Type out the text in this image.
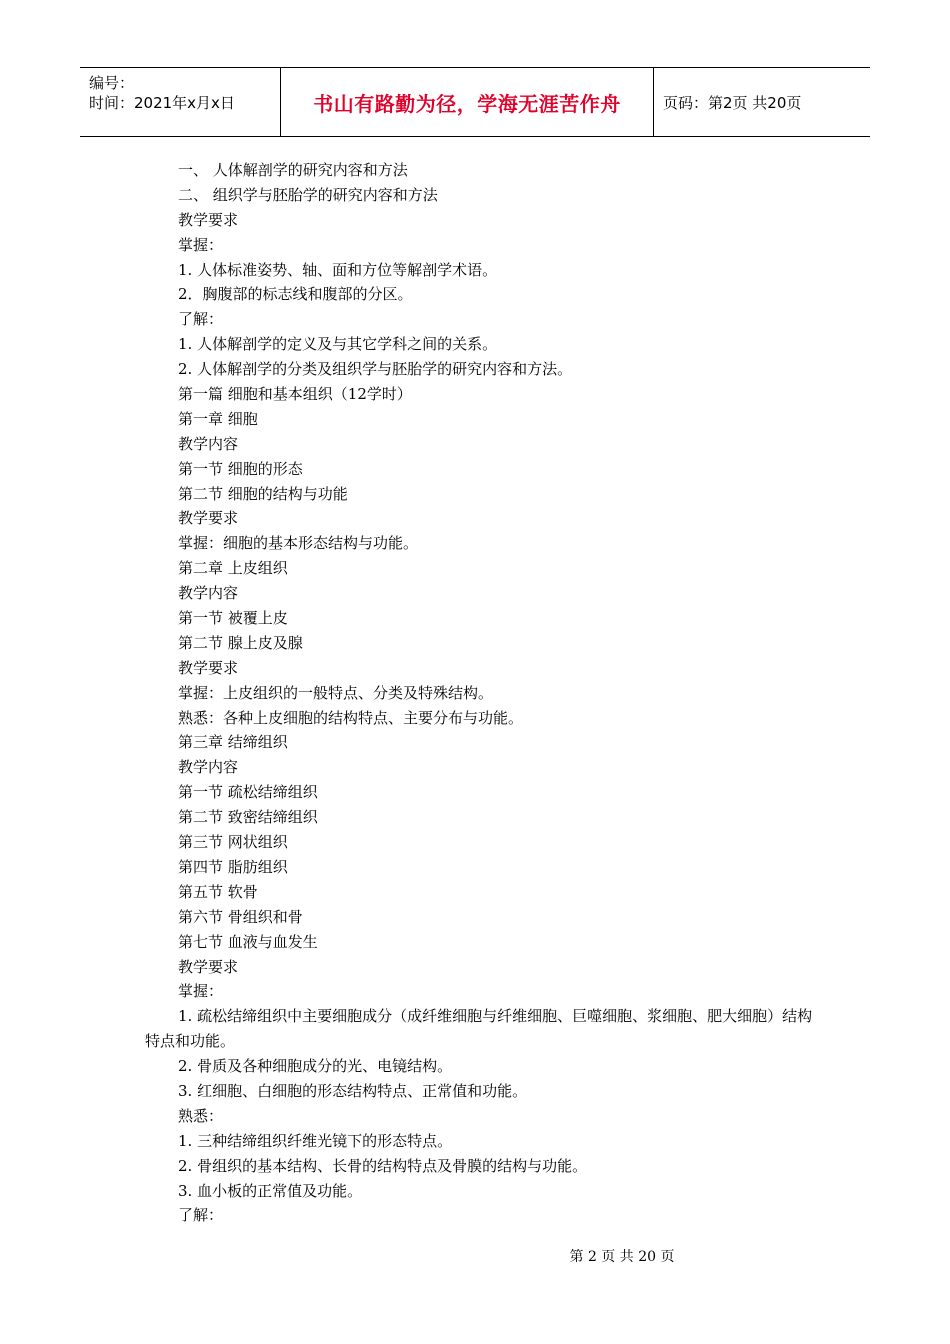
编号：
时间：2021年x月x日	书山有路勤为径，学海无涯苦作舟	页码：第2页 共20页
一、 人体解剖学的研究内容和方法
二、 组织学与胚胎学的研究内容和方法
教学要求
掌握：
1. 人体标准姿势、轴、面和方位等解剖学术语。
2．胸腹部的标志线和腹部的分区。
了解：
1. 人体解剖学的定义及与其它学科之间的关系。
2. 人体解剖学的分类及组织学与胚胎学的研究内容和方法。
第一篇 细胞和基本组织（12学时）
第一章 细胞
教学内容
第一节 细胞的形态
第二节 细胞的结构与功能
教学要求
掌握：细胞的基本形态结构与功能。
第二章 上皮组织
教学内容
第一节 被覆上皮
第二节 腺上皮及腺
教学要求
掌握：上皮组织的一般特点、分类及特殊结构。
熟悉：各种上皮细胞的结构特点、主要分布与功能。
第三章 结缔组织
教学内容
第一节 疏松结缔组织
第二节 致密结缔组织
第三节 网状组织
第四节 脂肪组织
第五节 软骨
第六节 骨组织和骨
第七节 血液与血发生
教学要求
掌握：
1. 疏松结缔组织中主要细胞成分（成纤维细胞与纤维细胞、巨噬细胞、浆细胞、肥大细胞）结构特点和功能。
2. 骨质及各种细胞成分的光、电镜结构。
3. 红细胞、白细胞的形态结构特点、正常值和功能。
熟悉：
1. 三种结缔组织纤维光镜下的形态特点。
2. 骨组织的基本结构、长骨的结构特点及骨膜的结构与功能。
3. 血小板的正常值及功能。
了解：
第 2 页 共 20 页
